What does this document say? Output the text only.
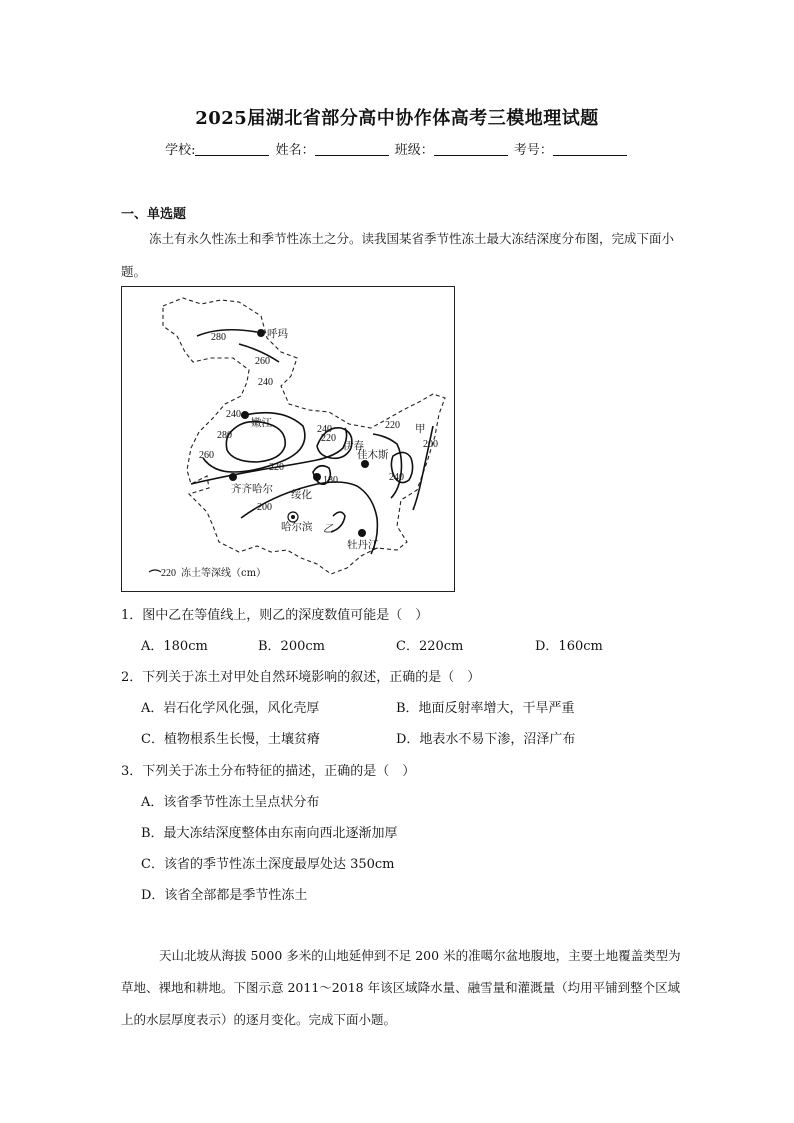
2025届湖北省部分高中协作体高考三模地理试题
学校:	姓名：	班级：	考号：
一、单选题

冻土有永久性冻土和季节性冻土之分。读我国某省季节性冻土最大冻结深度分布图，完成下面小题。

280
260
240
240
280
260
240
220
220
200
240
220
180
200
呼玛
嫩江
伊春
佳木斯
齐齐哈尔 绥化
哈尔滨
牡丹江
甲
乙
220 冻土等深线（cm）
1．图中乙在等值线上，则乙的深度数值可能是（　）
A．180cm	B．200cm	C．220cm	D．160cm
2．下列关于冻土对甲处自然环境影响的叙述，正确的是（　）
A．岩石化学风化强，风化壳厚	B．地面反射率增大，干旱严重
C．植物根系生长慢，土壤贫瘠	D．地表水不易下渗，沼泽广布
3．下列关于冻土分布特征的描述，正确的是（　）
A．该省季节性冻土呈点状分布
B．最大冻结深度整体由东南向西北逐渐加厚
C．该省的季节性冻土深度最厚处达 350cm
D．该省全部都是季节性冻土

天山北坡从海拔 5000 多米的山地延伸到不足 200 米的准噶尔盆地腹地，主要土地覆盖类型为草地、裸地和耕地。下图示意 2011～2018 年该区域降水量、融雪量和灌溉量（均用平铺到整个区域上的水层厚度表示）的逐月变化。完成下面小题。
